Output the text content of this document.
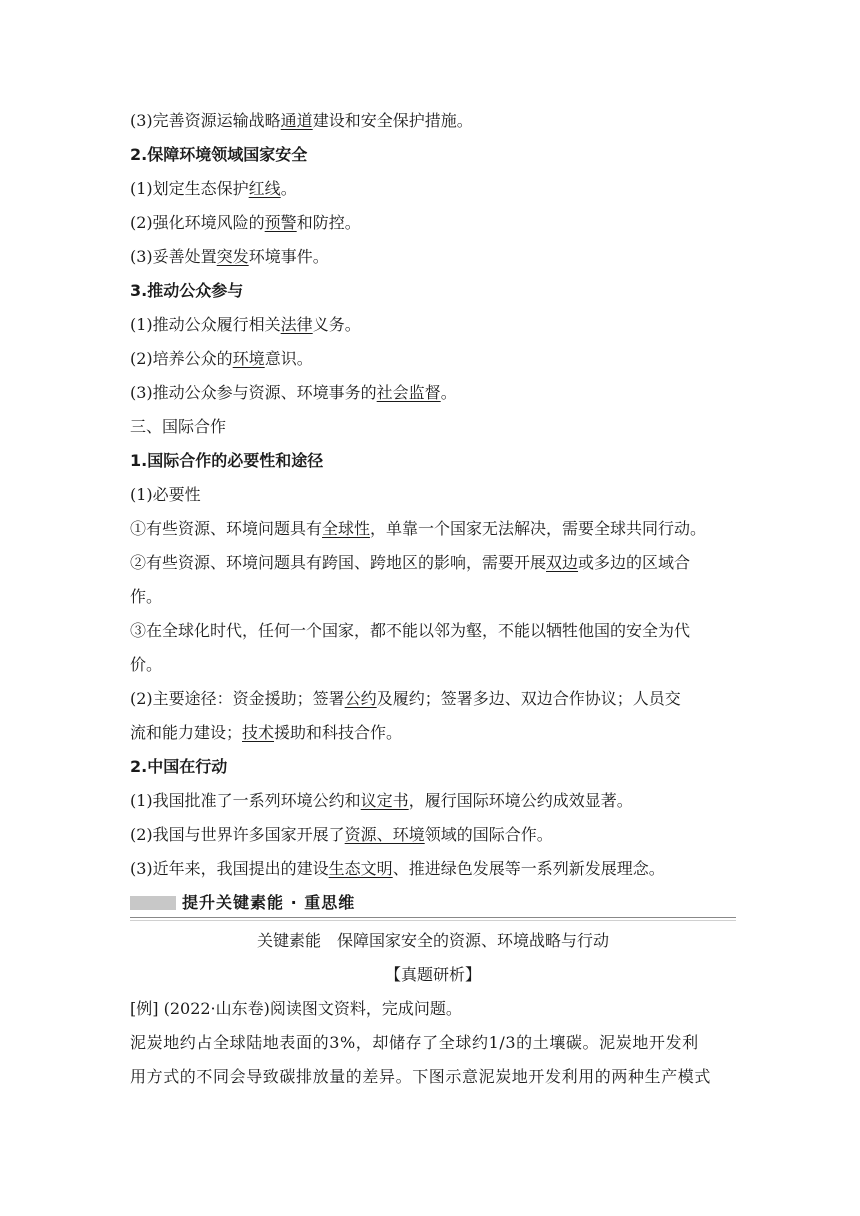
(3)完善资源运输战略通道建设和安全保护措施。
2.保障环境领域国家安全
(1)划定生态保护红线。
(2)强化环境风险的预警和防控。
(3)妥善处置突发环境事件。
3.推动公众参与
(1)推动公众履行相关法律义务。
(2)培养公众的环境意识。
(3)推动公众参与资源、环境事务的社会监督。
三、国际合作
1.国际合作的必要性和途径
(1)必要性
①有些资源、环境问题具有全球性，单靠一个国家无法解决，需要全球共同行动。
②有些资源、环境问题具有跨国、跨地区的影响，需要开展双边或多边的区域合
作。
③在全球化时代，任何一个国家，都不能以邻为壑，不能以牺牲他国的安全为代
价。
(2)主要途径：资金援助；签署公约及履约；签署多边、双边合作协议；人员交
流和能力建设；技术援助和科技合作。
2.中国在行动
(1)我国批准了一系列环境公约和议定书，履行国际环境公约成效显著。
(2)我国与世界许多国家开展了资源、环境领域的国际合作。
(3)近年来，我国提出的建设生态文明、推进绿色发展等一系列新发展理念。
提升关键素能 · 重思维
关键素能　保障国家安全的资源、环境战略与行动
【真题研析】
[例] (2022·山东卷)阅读图文资料，完成问题。
泥炭地约占全球陆地表面的3%，却储存了全球约1/3的土壤碳。泥炭地开发利
用方式的不同会导致碳排放量的差异。下图示意泥炭地开发利用的两种生产模式
